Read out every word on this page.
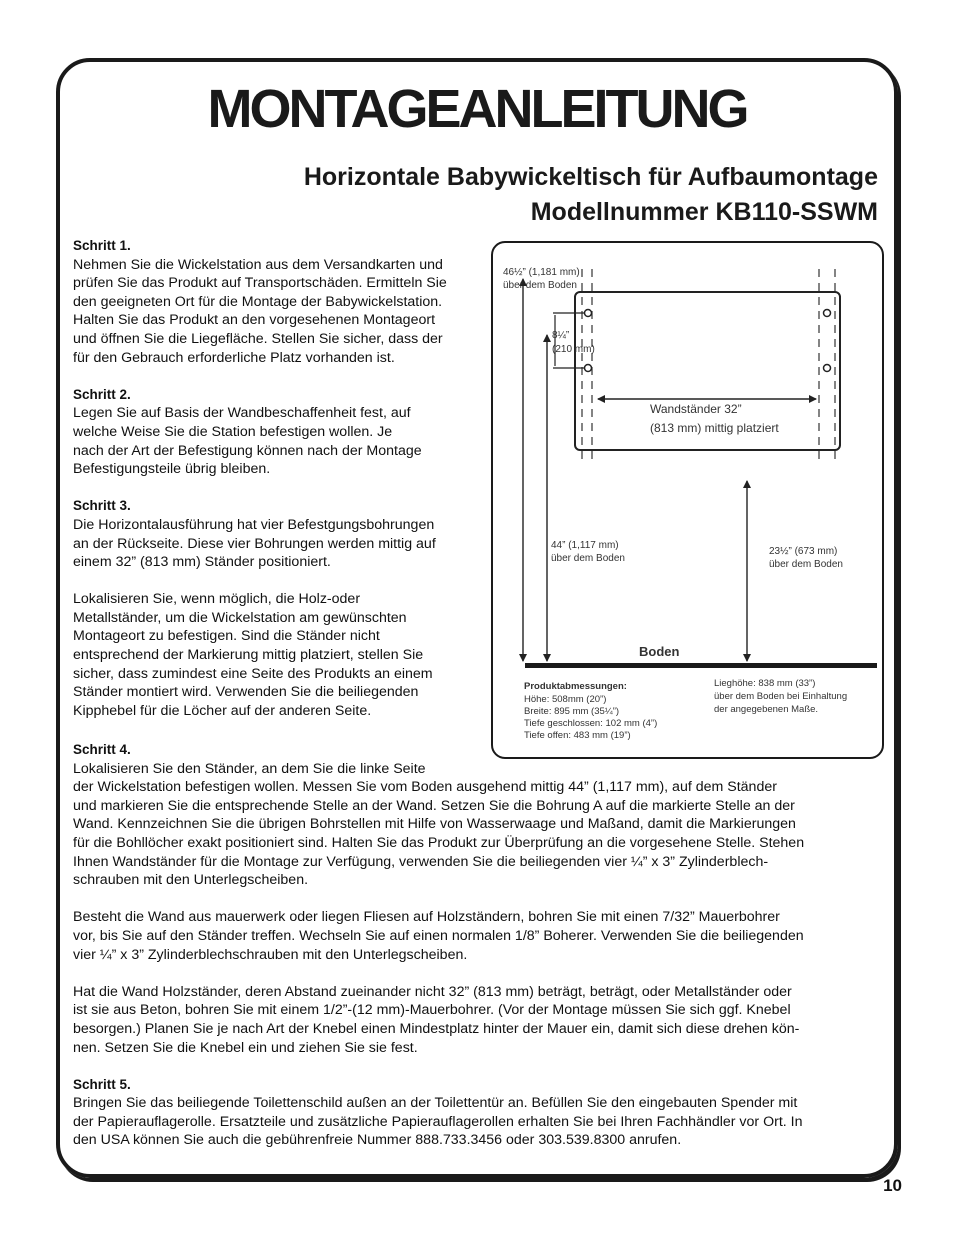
MONTAGEANLEITUNG
Horizontale Babywickeltisch für Aufbaumontage
Modellnummer KB110-SSWM
Schritt 1.
Nehmen Sie die Wickelstation aus dem Versandkarten und
prüfen Sie das Produkt auf Transportschäden. Ermitteln Sie
den geeigneten Ort für die Montage der Babywickelstation.
Halten Sie das Produkt an den vorgesehenen Montageort
und öffnen Sie die Liegefläche. Stellen Sie sicher, dass der
für den Gebrauch erforderliche Platz vorhanden ist.
Schritt 2.
Legen Sie auf Basis der Wandbeschaffenheit fest, auf
welche Weise Sie die Station befestigen wollen. Je
nach der Art der Befestigung können nach der Montage
Befestigungsteile übrig bleiben.
Schritt 3.
Die Horizontalausführung hat vier Befestgungsbohrungen
an der Rückseite. Diese vier Bohrungen werden mittig auf
einem 32” (813 mm) Ständer positioniert.
Lokalisieren Sie, wenn möglich, die Holz-oder
Metallständer, um die Wickelstation am gewünschten
Montageort zu befestigen. Sind die Ständer nicht
entsprechend der Markierung mittig platziert, stellen Sie
sicher, dass zumindest eine Seite des Produkts an einem
Ständer montiert wird. Verwenden Sie die beiliegenden
Kipphebel für die Löcher auf der anderen Seite.
Schritt 4.
Lokalisieren Sie den Ständer, an dem Sie die linke Seite
der Wickelstation befestigen wollen. Messen Sie vom Boden ausgehend mittig 44” (1,117 mm), auf dem Ständer
und markieren Sie die entsprechende Stelle an der Wand. Setzen Sie die Bohrung A auf die markierte Stelle an der
Wand. Kennzeichnen Sie die übrigen Bohrstellen mit Hilfe von Wasserwaage und Maßand, damit die Markierungen
für die Bohllöcher exakt positioniert sind. Halten Sie das Produkt zur Überprüfung an die vorgesehene Stelle. Stehen
Ihnen Wandständer für die Montage zur Verfügung, verwenden Sie die beiliegenden vier ¼” x 3” Zylinderblech-
schrauben mit den Unterlegscheiben.
Besteht die Wand aus mauerwerk oder liegen Fliesen auf Holzständern, bohren Sie mit einen 7/32” Mauerbohrer
vor, bis Sie auf den Ständer treffen. Wechseln Sie auf einen normalen 1/8” Boherer. Verwenden Sie die beiliegenden
vier ¼” x 3” Zylinderblechschrauben mit den Unterlegscheiben.
Hat die Wand Holzständer, deren Abstand zueinander nicht 32” (813 mm) beträgt, beträgt, oder Metallständer oder
ist sie aus Beton, bohren Sie mit einem 1/2”-(12 mm)-Mauerbohrer. (Vor der Montage müssen Sie sich ggf. Knebel
besorgen.) Planen Sie je nach Art der Knebel einen Mindestplatz hinter der Mauer ein, damit sich diese drehen kön-
nen. Setzen Sie die Knebel ein und ziehen Sie sie fest.
Schritt 5.
Bringen Sie das beiliegende Toilettenschild außen an der Toilettentür an. Befüllen Sie den eingebauten Spender mit
der Papierauflagerolle. Ersatzteile und zusätzliche Papierauflagerollen erhalten Sie bei Ihren Fachhändler vor Ort. In
den USA können Sie auch die gebührenfreie Nummer 888.733.3456 oder 303.539.8300 anrufen.
46½” (1,181 mm)
über dem Boden
8¼”
(210 mm)
Wandständer 32”
(813 mm) mittig platziert
44” (1,117 mm)
über dem Boden
23½” (673 mm)
über dem Boden
Boden
Produktabmessungen:
Höhe: 508mm (20”)
Breite: 895 mm (35¼”)
Tiefe geschlossen: 102 mm (4”)
Tiefe offen: 483 mm (19”)
Lieghöhe: 838 mm (33”)
über dem Boden bei Einhaltung
der angegebenen Maße.
10
